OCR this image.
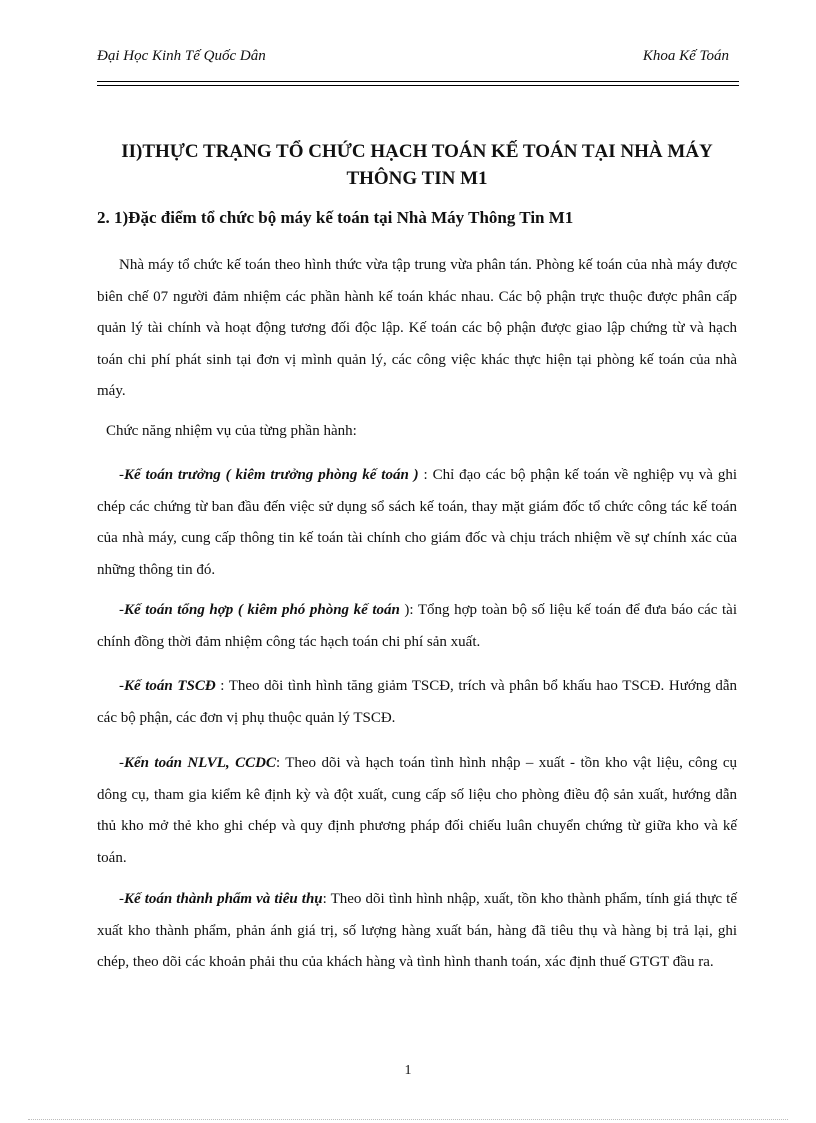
Đại Học Kinh Tế Quốc Dân	Khoa Kế Toán
II)THỰC TRẠNG TỔ CHỨC HẠCH TOÁN KẾ TOÁN TẠI NHÀ MÁY THÔNG TIN M1
2. 1)Đặc điểm tổ chức bộ máy kế toán tại Nhà Máy Thông Tin M1

Nhà máy tổ chức kế toán theo hình thức vừa tập trung vừa phân tán. Phòng kế toán của nhà máy được biên chế 07 người đảm nhiệm các phần hành kế toán khác nhau. Các bộ phận trực thuộc được phân cấp quản lý tài chính và hoạt động tương đối độc lập. Kế toán các bộ phận được giao lập chứng từ và hạch toán chi phí phát sinh tại đơn vị mình quản lý, các công việc khác thực hiện tại phòng kế toán của nhà máy.

Chức năng nhiệm vụ của từng phần hành:

-Kế toán trưởng ( kiêm trưởng phòng kế toán ) : Chỉ đạo các bộ phận kế toán về nghiệp vụ và ghi chép các chứng từ ban đầu đến việc sử dụng sổ sách kế toán, thay mặt giám đốc tổ chức công tác kế toán của nhà máy, cung cấp thông tin kế toán tài chính cho giám đốc và chịu trách nhiệm về sự chính xác của những thông tin đó.

-Kế toán tổng hợp ( kiêm phó phòng kế toán ): Tổng hợp toàn bộ số liệu kế toán để đưa báo các tài chính đồng thời đảm nhiệm công tác hạch toán chi phí sản xuất.

-Kế toán TSCĐ : Theo dõi tình hình tăng giảm TSCĐ, trích và phân bổ khấu hao TSCĐ. Hướng dẫn các bộ phận, các đơn vị phụ thuộc quản lý TSCĐ.

-Kến toán NLVL, CCDC: Theo dõi và hạch toán tình hình nhập – xuất - tồn kho vật liệu, công cụ dông cụ, tham gia kiểm kê định kỳ và đột xuất, cung cấp số liệu cho phòng điều độ sản xuất, hướng dẫn thủ kho mở thẻ kho ghi chép và quy định phương pháp đối chiếu luân chuyển chứng từ giữa kho và kế toán.

-Kế toán thành phẩm và tiêu thụ: Theo dõi tình hình nhập, xuất, tồn kho thành phẩm, tính giá thực tế xuất kho thành phẩm, phản ánh giá trị, số lượng hàng xuất bán, hàng đã tiêu thụ và hàng bị trả lại, ghi chép, theo dõi các khoản phải thu của khách hàng và tình hình thanh toán, xác định thuế GTGT đầu ra.

1
